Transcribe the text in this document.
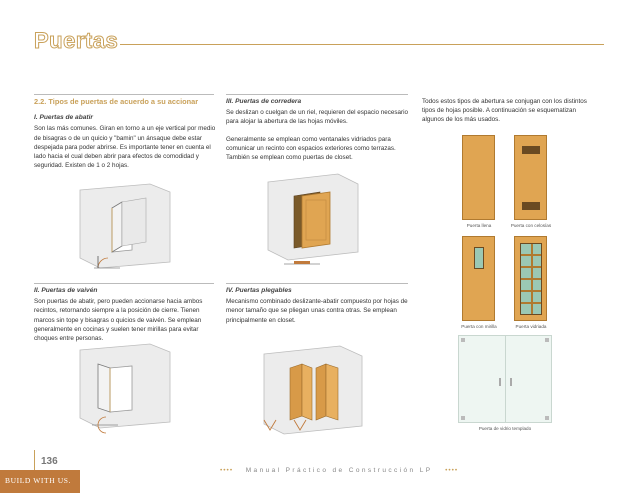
Puertas
2.2. Tipos de puertas de acuerdo a su accionar
I. Puertas de abatir
Son las más comunes. Giran en torno a un eje vertical por medio de bisagras o de un quicio y "bamin" un ánsaque debe estar despejada para poder abrirse. Es importante tener en cuenta el lado hacia el cual deben abrir para efectos de comodidad y seguridad. Existen de 1 o 2 hojas.
II. Puertas de vaivén
Son puertas de abatir, pero pueden accionarse hacia ambos recintos, retornando siempre a la posición de cierre. Tienen marcos sin tope y bisagras o quicios de vaivén. Se emplean generalmente en cocinas y suelen tener mirillas para evitar choques entre personas.
III. Puertas de corredera
Se deslizan o cuelgan de un riel, requieren del espacio necesario para alojar la abertura de las hojas móviles.
Generalmente se emplean como ventanales vidriados para comunicar un recinto con espacios exteriores como terrazas. También se emplean como puertas de closet.
IV. Puertas plegables
Mecanismo combinado deslizante-abatir compuesto por hojas de menor tamaño que se pliegan unas contra otras. Se emplean principalmente en closet.
Todos estos tipos de abertura se conjugan con los distintos tipos de hojas posible. A continuación se esquematizan algunos de los más usados.
Puerta llena	Puerta con celosías
Puerta con mirilla	Puerta vidriada
Puerta de vidrio templado
136
•••• Manual Práctico de Construcción LP ••••
BUILD WITH US.
